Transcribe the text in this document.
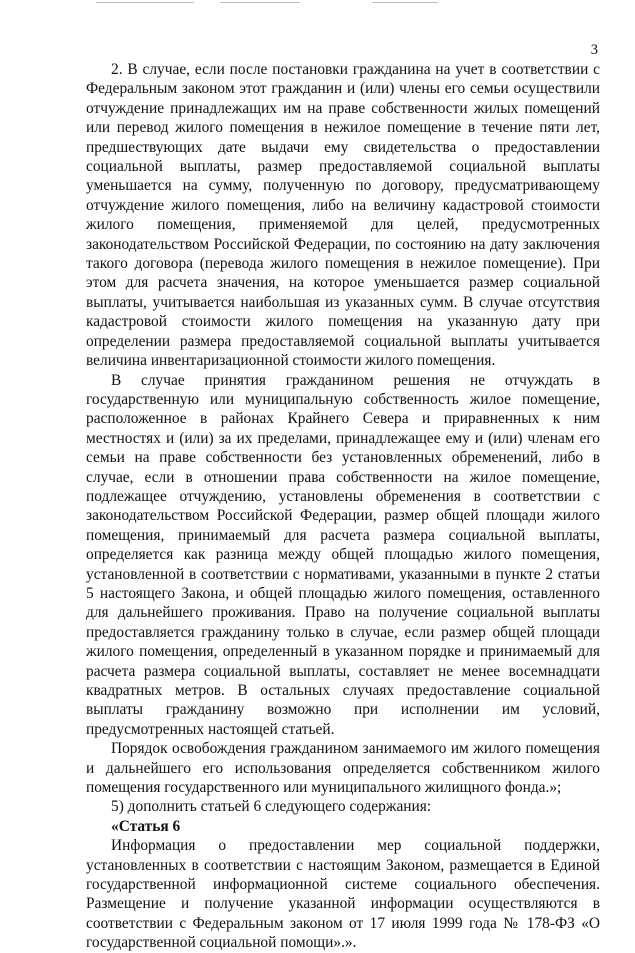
3

2. В случае, если после постановки гражданина на учет в соответствии с Федеральным законом этот гражданин и (или) члены его семьи осуществили отчуждение принадлежащих им на праве собственности жилых помещений или перевод жилого помещения в нежилое помещение в течение пяти лет, предшествующих дате выдачи ему свидетельства о предоставлении социальной выплаты, размер предоставляемой социальной выплаты уменьшается на сумму, полученную по договору, предусматривающему отчуждение жилого помещения, либо на величину кадастровой стоимости жилого помещения, применяемой для целей, предусмотренных законодательством Российской Федерации, по состоянию на дату заключения такого договора (перевода жилого помещения в нежилое помещение). При этом для расчета значения, на которое уменьшается размер социальной выплаты, учитывается наибольшая из указанных сумм. В случае отсутствия кадастровой стоимости жилого помещения на указанную дату при определении размера предоставляемой социальной выплаты учитывается величина инвентаризационной стоимости жилого помещения.

В случае принятия гражданином решения не отчуждать в государственную или муниципальную собственность жилое помещение, расположенное в районах Крайнего Севера и приравненных к ним местностях и (или) за их пределами, принадлежащее ему и (или) членам его семьи на праве собственности без установленных обременений, либо в случае, если в отношении права собственности на жилое помещение, подлежащее отчуждению, установлены обременения в соответствии с законодательством Российской Федерации, размер общей площади жилого помещения, принимаемый для расчета размера социальной выплаты, определяется как разница между общей площадью жилого помещения, установленной в соответствии с нормативами, указанными в пункте 2 статьи 5 настоящего Закона, и общей площадью жилого помещения, оставленного для дальнейшего проживания. Право на получение социальной выплаты предоставляется гражданину только в случае, если размер общей площади жилого помещения, определенный в указанном порядке и принимаемый для расчета размера социальной выплаты, составляет не менее восемнадцати квадратных метров. В остальных случаях предоставление социальной выплаты гражданину возможно при исполнении им условий, предусмотренных настоящей статьей.

Порядок освобождения гражданином занимаемого им жилого помещения и дальнейшего его использования определяется собственником жилого помещения государственного или муниципального жилищного фонда.»;

5) дополнить статьей 6 следующего содержания:

«Статья 6

Информация о предоставлении мер социальной поддержки, установленных в соответствии с настоящим Законом, размещается в Единой государственной информационной системе социального обеспечения. Размещение и получение указанной информации осуществляются в соответствии с Федеральным законом от 17 июля 1999 года № 178-ФЗ «О государственной социальной помощи».».
